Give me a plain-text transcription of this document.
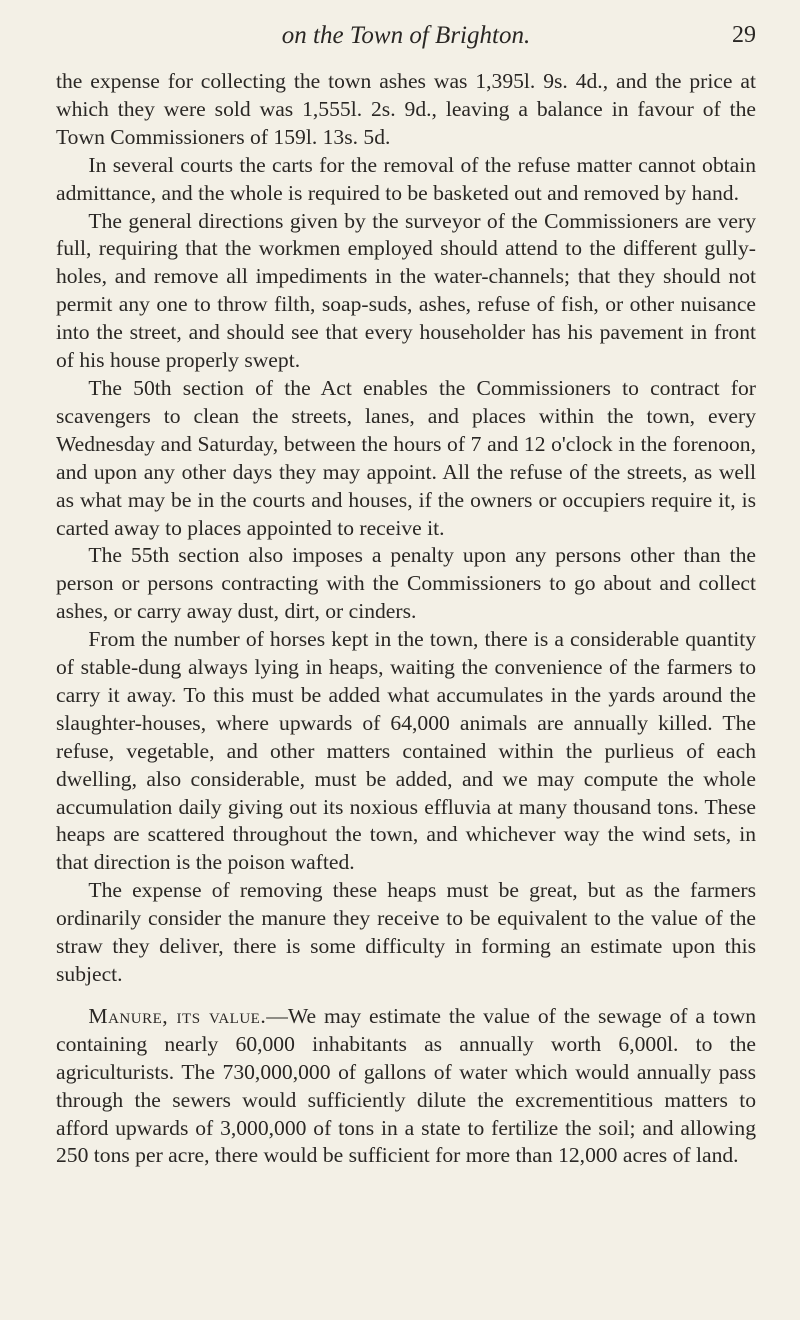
on the Town of Brighton.	29

the expense for collecting the town ashes was 1,395l. 9s. 4d., and the price at which they were sold was 1,555l. 2s. 9d., leaving a balance in favour of the Town Commissioners of 159l. 13s. 5d.

In several courts the carts for the removal of the refuse matter cannot obtain admittance, and the whole is required to be basketed out and removed by hand.

The general directions given by the surveyor of the Commissioners are very full, requiring that the workmen employed should attend to the different gully-holes, and remove all impediments in the water-channels; that they should not permit any one to throw filth, soap-suds, ashes, refuse of fish, or other nuisance into the street, and should see that every householder has his pavement in front of his house properly swept.

The 50th section of the Act enables the Commissioners to contract for scavengers to clean the streets, lanes, and places within the town, every Wednesday and Saturday, between the hours of 7 and 12 o'clock in the forenoon, and upon any other days they may appoint. All the refuse of the streets, as well as what may be in the courts and houses, if the owners or occupiers require it, is carted away to places appointed to receive it.

The 55th section also imposes a penalty upon any persons other than the person or persons contracting with the Commissioners to go about and collect ashes, or carry away dust, dirt, or cinders.

From the number of horses kept in the town, there is a considerable quantity of stable-dung always lying in heaps, waiting the convenience of the farmers to carry it away. To this must be added what accumulates in the yards around the slaughter-houses, where upwards of 64,000 animals are annually killed. The refuse, vegetable, and other matters contained within the purlieus of each dwelling, also considerable, must be added, and we may compute the whole accumulation daily giving out its noxious effluvia at many thousand tons. These heaps are scattered throughout the town, and whichever way the wind sets, in that direction is the poison wafted.

The expense of removing these heaps must be great, but as the farmers ordinarily consider the manure they receive to be equivalent to the value of the straw they deliver, there is some difficulty in forming an estimate upon this subject.

Manure, its value.—We may estimate the value of the sewage of a town containing nearly 60,000 inhabitants as annually worth 6,000l. to the agriculturists. The 730,000,000 of gallons of water which would annually pass through the sewers would sufficiently dilute the excrementitious matters to afford upwards of 3,000,000 of tons in a state to fertilize the soil; and allowing 250 tons per acre, there would be sufficient for more than 12,000 acres of land.
